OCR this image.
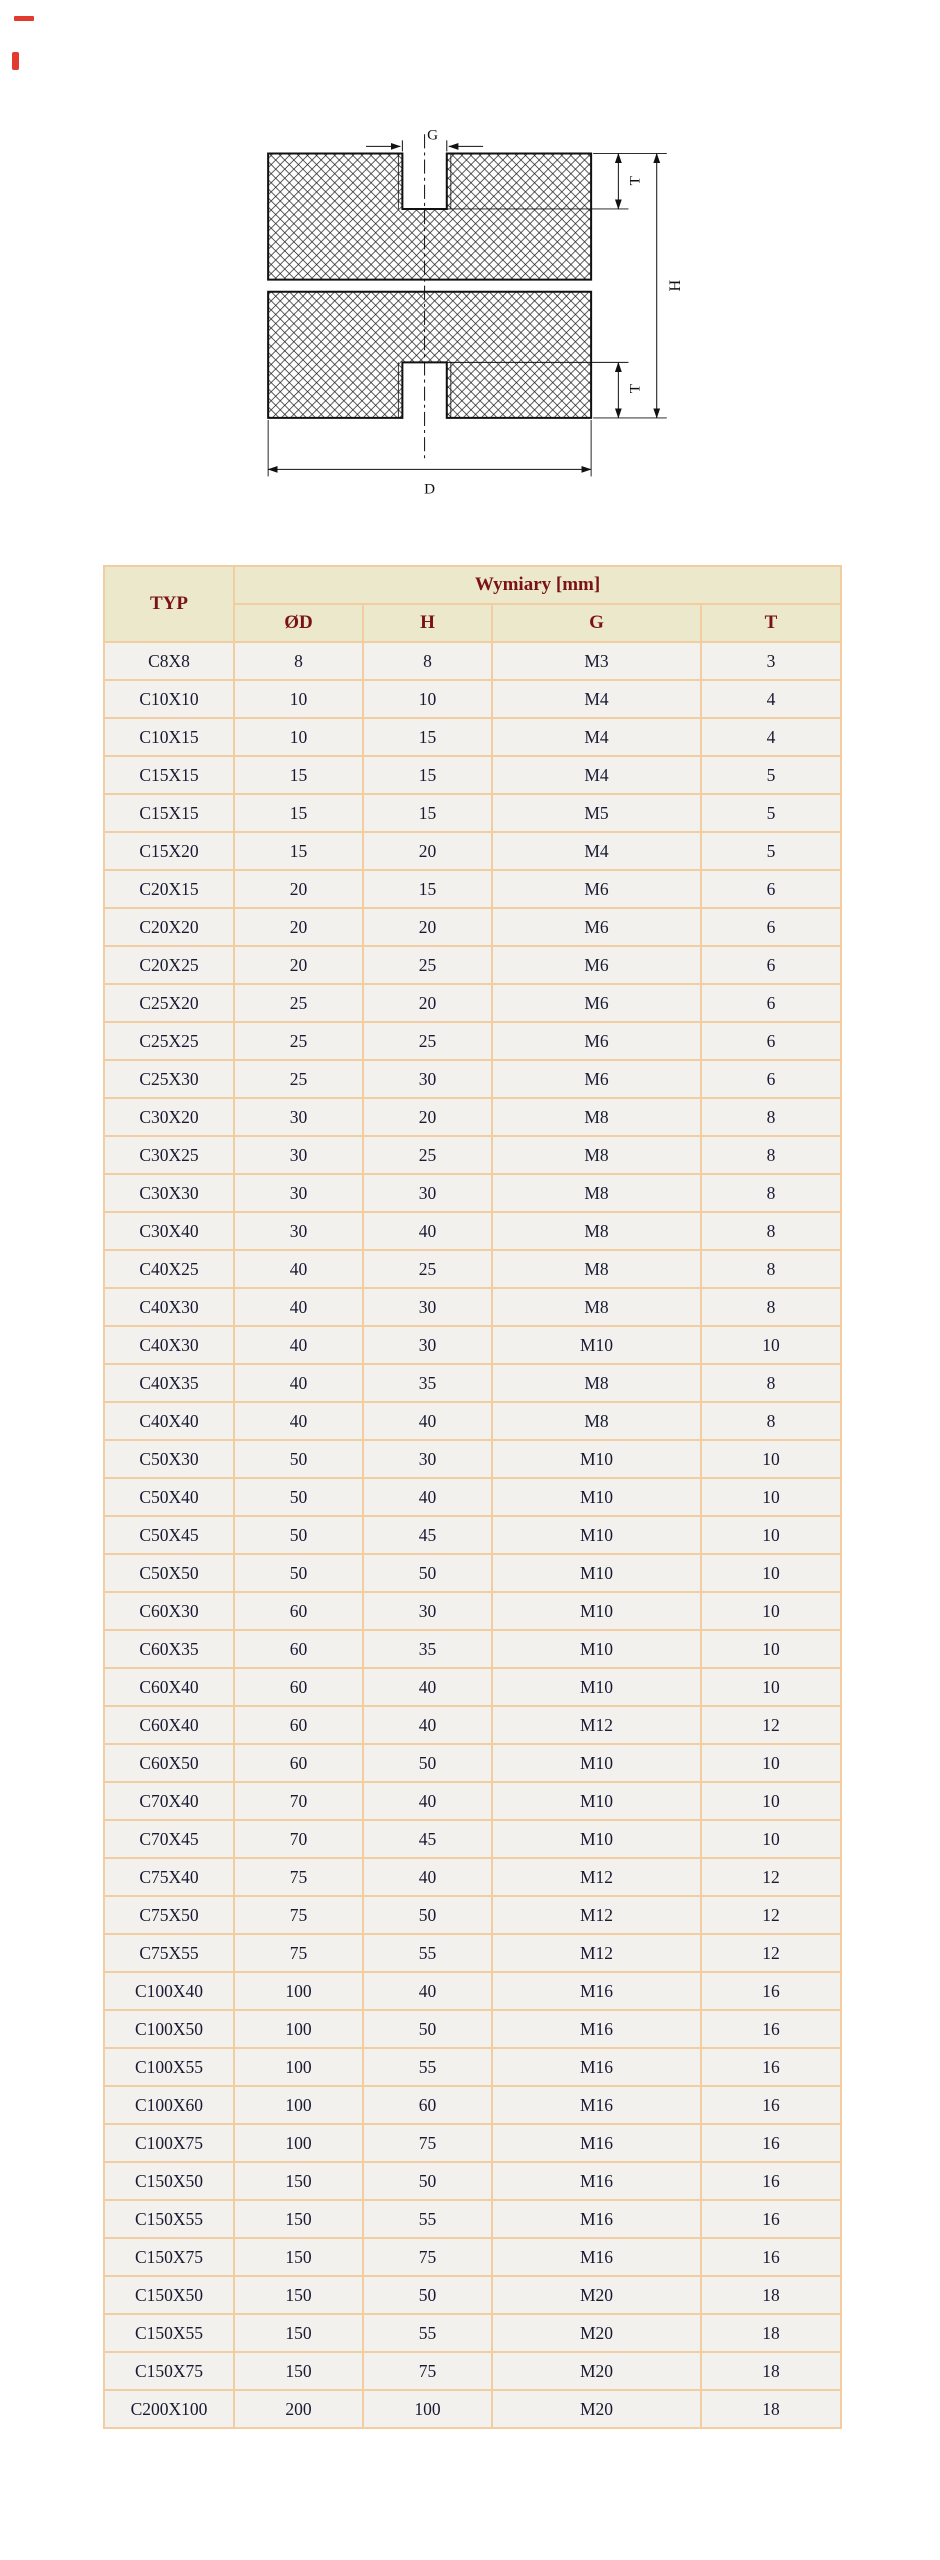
G
T
T
H
D
TYP	Wymiary [mm]			
	ØD	H	G	T
C8X8	8	8	M3	3
C10X10	10	10	M4	4
C10X15	10	15	M4	4
C15X15	15	15	M4	5
C15X15	15	15	M5	5
C15X20	15	20	M4	5
C20X15	20	15	M6	6
C20X20	20	20	M6	6
C20X25	20	25	M6	6
C25X20	25	20	M6	6
C25X25	25	25	M6	6
C25X30	25	30	M6	6
C30X20	30	20	M8	8
C30X25	30	25	M8	8
C30X30	30	30	M8	8
C30X40	30	40	M8	8
C40X25	40	25	M8	8
C40X30	40	30	M8	8
C40X30	40	30	M10	10
C40X35	40	35	M8	8
C40X40	40	40	M8	8
C50X30	50	30	M10	10
C50X40	50	40	M10	10
C50X45	50	45	M10	10
C50X50	50	50	M10	10
C60X30	60	30	M10	10
C60X35	60	35	M10	10
C60X40	60	40	M10	10
C60X40	60	40	M12	12
C60X50	60	50	M10	10
C70X40	70	40	M10	10
C70X45	70	45	M10	10
C75X40	75	40	M12	12
C75X50	75	50	M12	12
C75X55	75	55	M12	12
C100X40	100	40	M16	16
C100X50	100	50	M16	16
C100X55	100	55	M16	16
C100X60	100	60	M16	16
C100X75	100	75	M16	16
C150X50	150	50	M16	16
C150X55	150	55	M16	16
C150X75	150	75	M16	16
C150X50	150	50	M20	18
C150X55	150	55	M20	18
C150X75	150	75	M20	18
C200X100	200	100	M20	18
